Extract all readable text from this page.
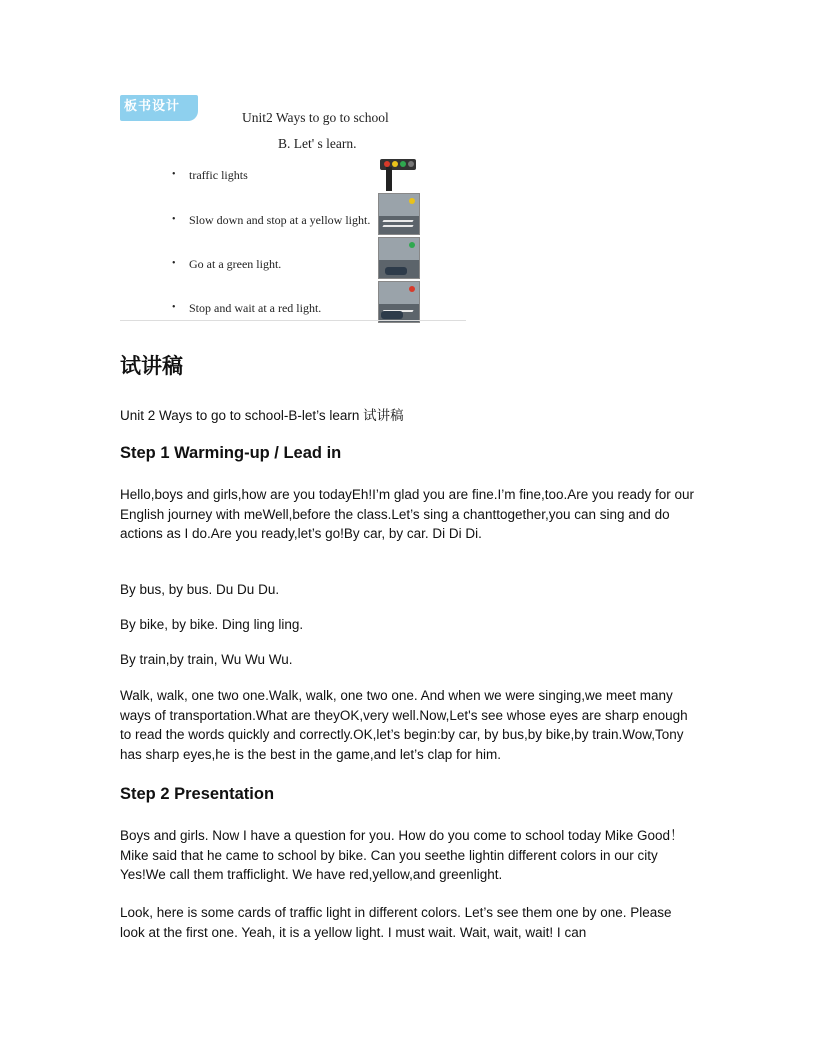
板书设计
Unit2 Ways to go to school
B. Let' s learn.
• traffic lights
• Slow down and stop at a yellow light.
• Go at a green light.
• Stop and wait at a red light.
试讲稿
Unit 2 Ways to go to school-B-let’s learn 试讲稿
Step 1 Warming-up / Lead in

Hello,boys and girls,how are you todayEh!I’m glad you are fine.I’m fine,too.Are you ready for our English journey with meWell,before the class.Let’s sing a chanttogether,you can sing and do actions as I do.Are you ready,let’s go!By car, by car. Di Di Di.

By bus, by bus. Du Du Du.

By bike, by bike. Ding ling ling.

By train,by train, Wu Wu Wu.

Walk, walk, one two one.Walk, walk, one two one. And when we were singing,we meet many ways of transportation.What are theyOK,very well.Now,Let's see whose eyes are sharp enough to read the words quickly and correctly.OK,let’s begin:by car, by bus,by bike,by train.Wow,Tony has sharp eyes,he is the best in the game,and let’s clap for him.

Step 2 Presentation

Boys and girls. Now I have a question for you. How do you come to school today Mike Good！ Mike said that he came to school by bike. Can you seethe lightin different colors in our city Yes!We call them trafficlight. We have red,yellow,and greenlight.

Look, here is some cards of traffic light in different colors. Let’s see them one by one. Please look at the first one. Yeah, it is a yellow light. I must wait. Wait, wait, wait! I can
